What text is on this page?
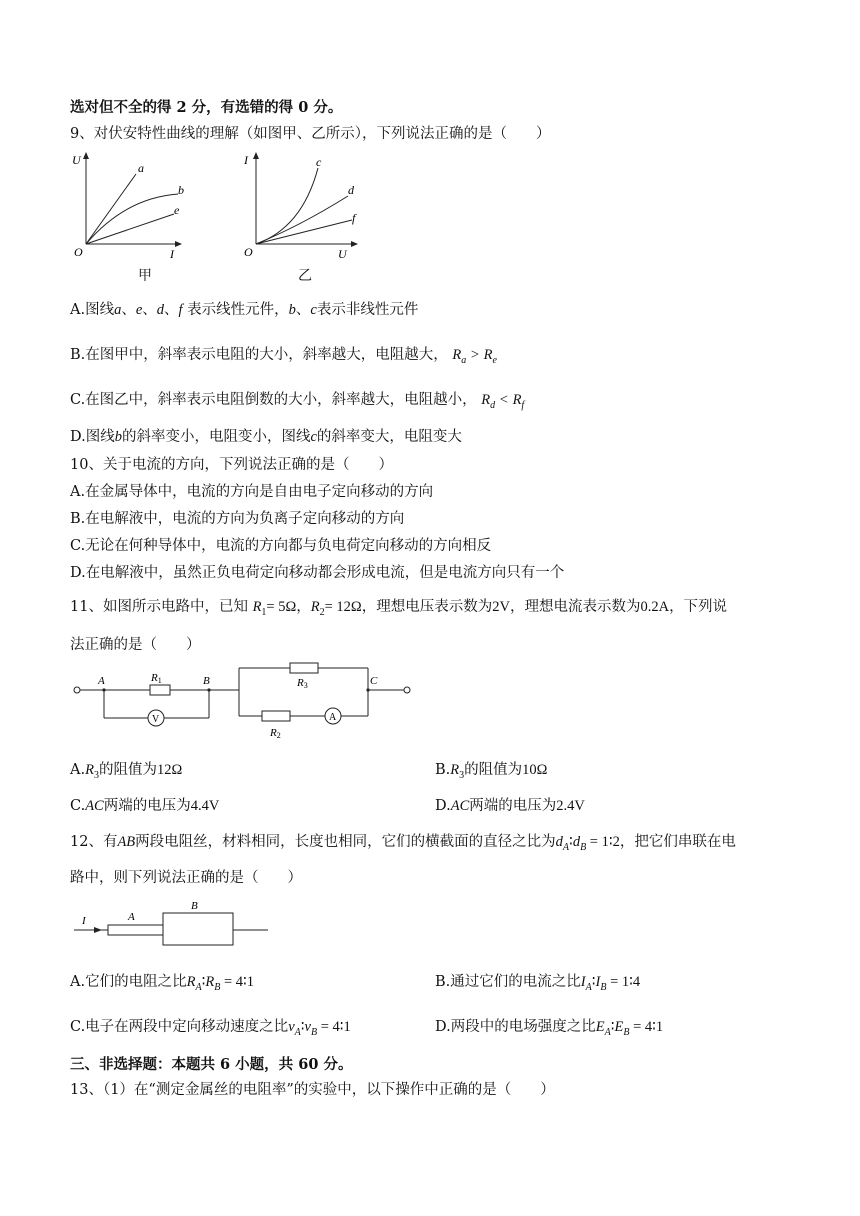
选对但不全的得 2 分，有选错的得 0 分。
9、对伏安特性曲线的理解（如图甲、乙所示），下列说法正确的是（　　）
U
I
O
a
b
e
甲
I
U
O
c
d
f
乙
A.图线a、e、d、f 表示线性元件，b、c表示非线性元件
B.在图甲中，斜率表示电阻的大小，斜率越大，电阻越大， $R_a > R_e$
C.在图乙中，斜率表示电阻倒数的大小，斜率越大，电阻越小， $R_d < R_f$
D.图线b的斜率变小，电阻变小，图线c的斜率变大，电阻变大
10、关于电流的方向，下列说法正确的是（　　）
A.在金属导体中，电流的方向是自由电子定向移动的方向
B.在电解液中，电流的方向为负离子定向移动的方向
C.无论在何种导体中，电流的方向都与负电荷定向移动的方向相反
D.在电解液中，虽然正负电荷定向移动都会形成电流，但是电流方向只有一个
11、如图所示电路中，已知 $R_1= 5\Omega$，$R_2= 12\Omega$，理想电压表示数为2V，理想电流表示数为0.2A，下列说
法正确的是（　　）
A	B	C
R1	R3
R2
V	A
$A.R_3$的阻值为12Ω	$B.R_3$的阻值为10Ω
C.AC两端的电压为4.4V	D.AC两端的电压为2.4V
12、有AB两段电阻丝，材料相同，长度也相同，它们的横截面的直径之比为$d_A∶d_B$ = 1∶2，把它们串联在电
路中，则下列说法正确的是（　　）
I	A
B
A.它们的电阻之比$R_A∶R_B$ = 4∶1	B.通过它们的电流之比$I_A∶I_B$ = 1∶4
C.电子在两段中定向移动速度之比$v_A∶v_B$ = 4∶1	D.两段中的电场强度之比$E_A∶E_B$ = 4∶1
三、非选择题：本题共 6 小题，共 60 分。
13、（1）在“测定金属丝的电阻率”的实验中，以下操作中正确的是（　　）
